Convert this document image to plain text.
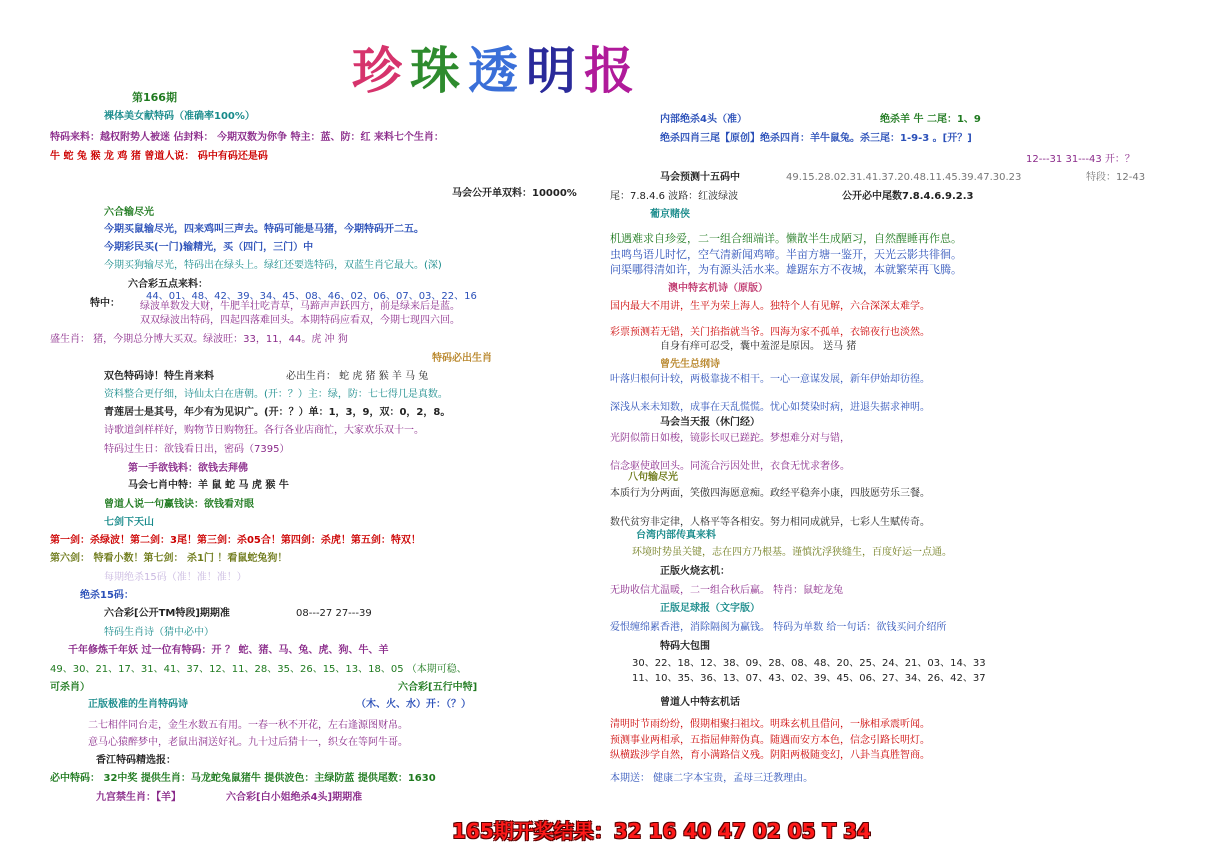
珍珠透明报
第166期
裸体美女献特码（准确率100%）
特码来料：越权附势人被迷 佔封料： 今期双数为你争 特主：蓝、防：红 来料七个生肖：
牛 蛇 兔 猴 龙 鸡 猪 曾道人说： 码中有码还是码
马会公开单双料：10000%
六合输尽光
今期买鼠输尽光，四来鸡叫三声去。特码可能是马猪，今期特码开二五。
今期彩民买(一门)输精光，买（四门，三门）中
今期买狗输尽光，特码出在绿头上。绿红还要选特码，双蓝生肖它最大。(深)
六合彩五点来料：
44、01、48、42、39、34、45、08、46、02、06、07、03、22、16
特中： 绿波单数发大财，牛肥羊壮吃青草，马蹄声声跃四方，前是绿来后是蓝。
双双绿波出特码，四起四落难回头。本期特码应看双，今期七现四六回。
盛生肖： 猪，今期总分博大买双。绿波旺：33，11，44。虎 冲 狗
特码必出生肖
双色特码诗！特生肖来料	必出生肖： 蛇 虎 猪 猴 羊 马 兔
资料整合更仔细，诗仙太白在唐朝。(开：？）主：绿，防：七七得几是真数。
青莲居士是其号，年少有为见识广。(开：？）单：1，3，9，双：0，2，8。
诗歌道剑样样好，购物节日购物狂。各行各业店商忙，大家欢乐双十一。
特码过生日：欲钱看日出，密码（7395）
第一手欲钱料：欲钱去拜佛
马会七肖中特：羊 鼠 蛇 马 虎 猴 牛
曾道人说一句赢钱诀：欲钱看对眼
七剑下天山
第一剑：杀绿波！第二剑：3尾！第三剑：杀05合！第四剑：杀虎！第五剑：特双！
第六剑： 特看小数！第七剑： 杀1门 ！看鼠蛇兔狗！
每期绝杀15码（准！准！准！）
绝杀15码：
六合彩[公开TM特段]期期准	08---27 27---39
特码生肖诗（猜中必中）
千年修炼千年妖 过一位有特码：开 ？ 蛇、猪、马、兔、虎、狗、牛、羊
49、30、21、17、31、41、37、12、11、28、35、26、15、13、18、05 （本期可稳、
可杀肖）	六合彩[五行中特]
正版极准的生肖特码诗	（木、火、水）开：（？）
二七相伴同台走，金生水数五有用。一春一秋不开花，左右逢源图财帛。
意马心猿醉梦中，老鼠出洞送好礼。九十过后猜十一，织女在等阿牛哥。
香江特码精选报：
必中特码： 32中奖 提供生肖：马龙蛇兔鼠猪牛 提供波色：主绿防蓝 提供尾数：1630
九宫禁生肖：【羊】	六合彩[白小姐绝杀4头]期期准
内部绝杀4头（准）	绝杀羊 牛 二尾：1、9
绝杀四肖三尾【原创】绝杀四肖：羊牛鼠兔。杀三尾：1-9-3 。[开？]
12---31 31---43 开：？
马会预测十五码中	49.15.28.02.31.41.37.20.48.11.45.39.47.30.23	特段：12-43
尾：7.8.4.6 波路：红波绿波	公开必中尾数7.8.4.6.9.2.3
葡京赌侠
机遇难求自珍爱，二一组合细端详。懒散半生成陋习，自然醒睡再作息。
虫鸣鸟语儿时忆，空气清新闻鸡啼。半亩方塘一鉴开，天光云影共徘徊。
问渠哪得清如许，为有源头活水来。雄踞东方不夜城，本就繁荣再飞腾。
澳中特玄机诗（原版）
国内最大不用讲，生平为荣上海人。独特个人有见解，六合深深太难学。
彩票预测若无错，关门掐指就当爷。四海为家不孤单，衣锦夜行也淡然。
自身有痒可忍受，囊中羞涩是原因。 送马 猪
曾先生总纲诗
叶落归根何计较，两极靠拢不相干。一心一意谋发展，新年伊始却彷徨。
深浅从来未知数，成事在天乱慌慌。忧心如焚染时病，进退失据求神明。
马会当天报（休门经）
光阴似箭日如梭，镜影长叹已蹉跎。梦想难分对与错，
信念驱使敢回头。同流合污因处世，衣食无忧求奢侈。
八句输尽光
本质行为分两面，笑傲四海愿意痴。政经平稳奔小康，四肢愿劳乐三餐。
数代贫穷非定律，人格平等各相安。努力相同成就异，七彩人生赋传奇。
台湾内部传真来料
环境时势虽关键，志在四方乃根基。谨慎沈浮狭缝生，百度好运一点通。
正版火烧玄机：
无助收信尤温暖，二一组合秋后赢。 特肖：鼠蛇龙兔
正版足球报（文字版）
爱恨缠绵累香港，消除隔阂为赢钱。 特码为单数 给一句话：欲钱买问介绍所
特码大包围
30、22、18、12、38、09、28、08、48、20、25、24、21、03、14、33
11、10、35、36、13、07、43、02、39、45、06、27、34、26、42、37
曾道人中特玄机话
清明时节雨纷纷，假期相聚扫祖坟。明珠玄机且借问，一脉相承震听闻。
预测事业两相承，五指屈伸辩伪真。随遇而安方本色，信念引路长明灯。
纵横跋涉学自然，育小满路信义残。阴阳两极随变幻，八卦当真胜智商。
本期送： 健康二字本宝贵，孟母三迁教理由。
165期开奖结果：32 16 40 47 02 05 T 34
